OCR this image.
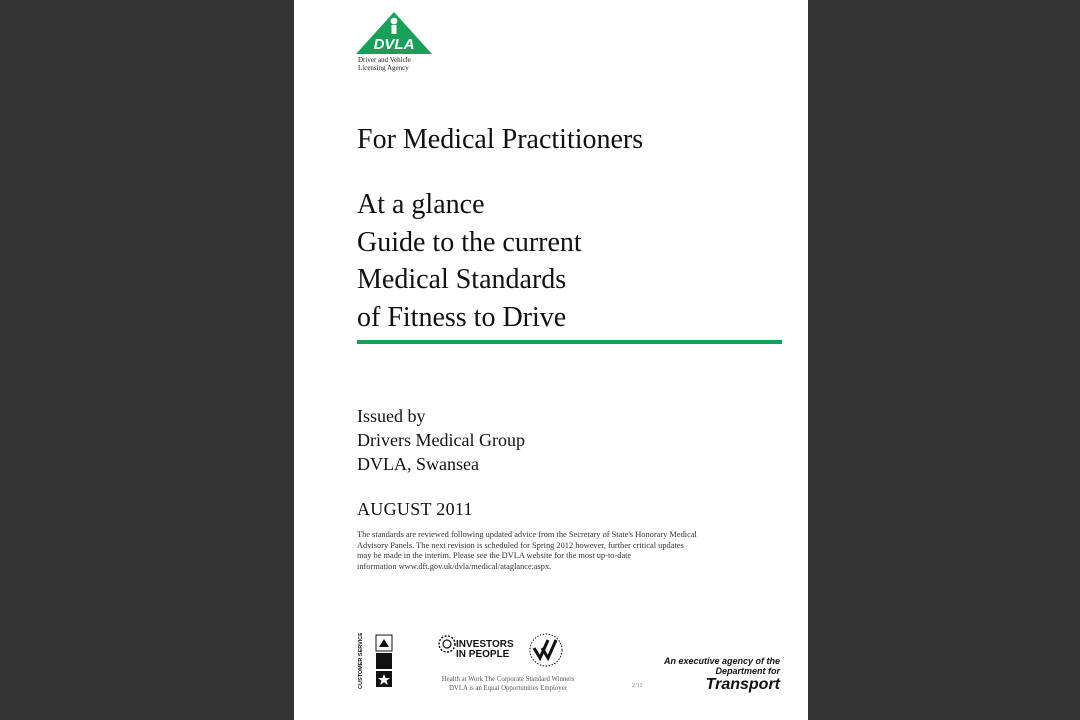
DVLA
Driver and Vehicle
Licensing Agency
For Medical Practitioners
At a glance
Guide to the current
Medical Standards
of Fitness to Drive
Issued by
Drivers Medical Group
DVLA, Swansea
AUGUST 2011
The standards are reviewed following updated advice from the Secretary of State's Honorary Medical
Advisory Panels. The next revision is scheduled for Spring 2012 however, further critical updates
may be made in the interim. Please see the DVLA website for the most up-to-date
information www.dft.gov.uk/dvla/medical/ataglance.aspx.
CUSTOMER SERVICE EXCELLENCE	INVESTORS
IN PEOPLE
Health at Work The Corporate Standard Winners
DVLA is an Equal Opportunities Employer	2/11
An executive agency of the
Department for
Transport
